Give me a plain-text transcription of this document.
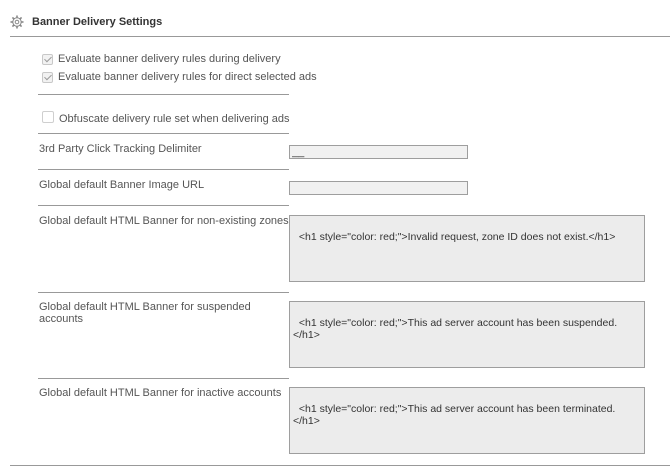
Banner Delivery Settings
Evaluate banner delivery rules during delivery
Evaluate banner delivery rules for direct selected ads
Obfuscate delivery rule set when delivering ads
3rd Party Click Tracking Delimiter
__
Global default Banner Image URL
Global default HTML Banner for non-existing zones

<h1 style="color: red;">Invalid request, zone ID does not exist.</h1>

Global default HTML Banner for suspended accounts	<h1 style="color: red;">This ad server account has been suspended.</h1>

Global default HTML Banner for inactive accounts

<h1 style="color: red;">This ad server account has been terminated.</h1>
